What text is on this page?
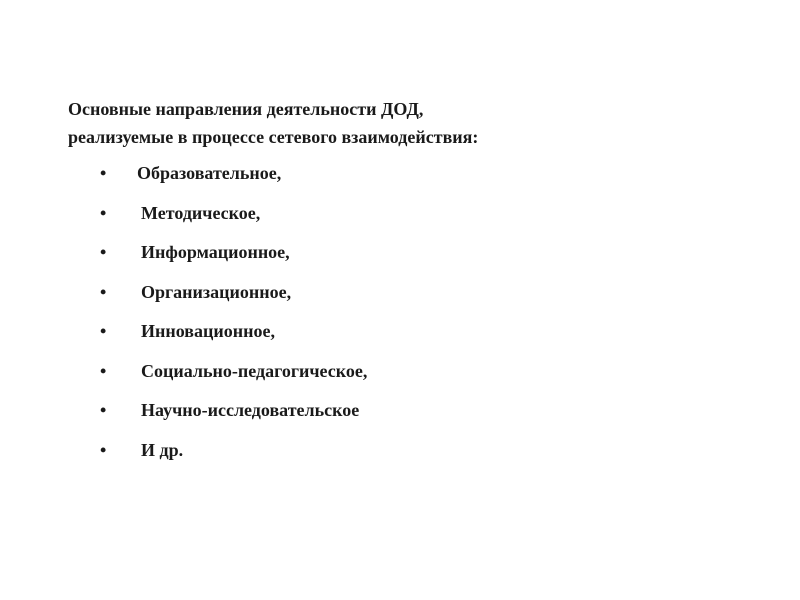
Основные направления деятельности ДОД,
реализуемые в процессе сетевого взаимодействия:
• Образовательное,
• Методическое,
• Информационное,
• Организационное,
• Инновационное,
• Социально-педагогическое,
• Научно-исследовательское
• И др.
